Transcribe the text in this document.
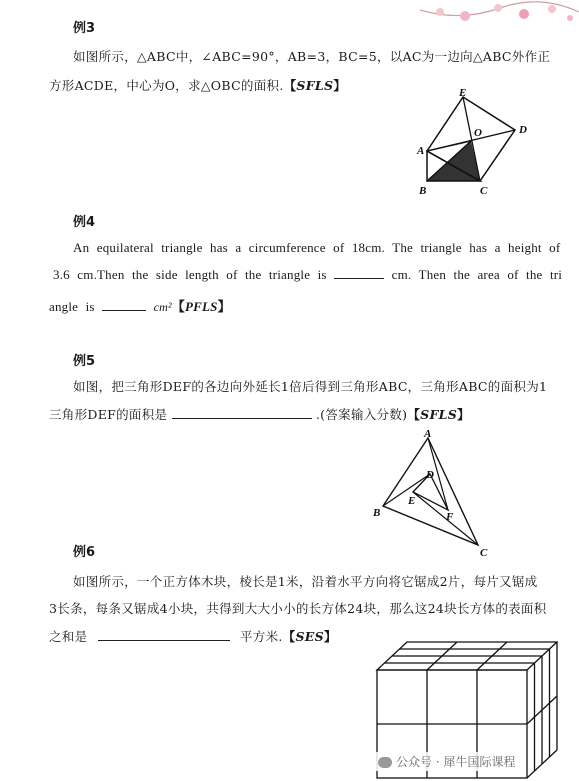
例3
如图所示，△ABC中，∠ABC=90°，AB=3，BC=5，以AC为一边向△ABC外作正
方形ACDE，中心为O，求△OBC的面积.【SFLS】	E
O	D
A
B	C
例4
An equilateral triangle has a circumference of 18cm. The triangle has a height of
3.6 cm.Then the side length of the triangle is	cm. Then the area of the tri
angle is	cm²【PFLS】
例5
如图，把三角形DEF的各边向外延长1倍后得到三角形ABC，三角形ABC的面积为1
三角形DEF的面积是	.(答案输入分数)【SFLS】
A
D
E
B	F
C
例6
如图所示，一个正方体木块，棱长是1米，沿着水平方向将它锯成2片，每片又锯成
3长条，每条又锯成4小块，共得到大大小小的长方体24块，那么这24块长方体的表面积
之和是	平方米.【SES】
公众号 · 犀牛国际课程
